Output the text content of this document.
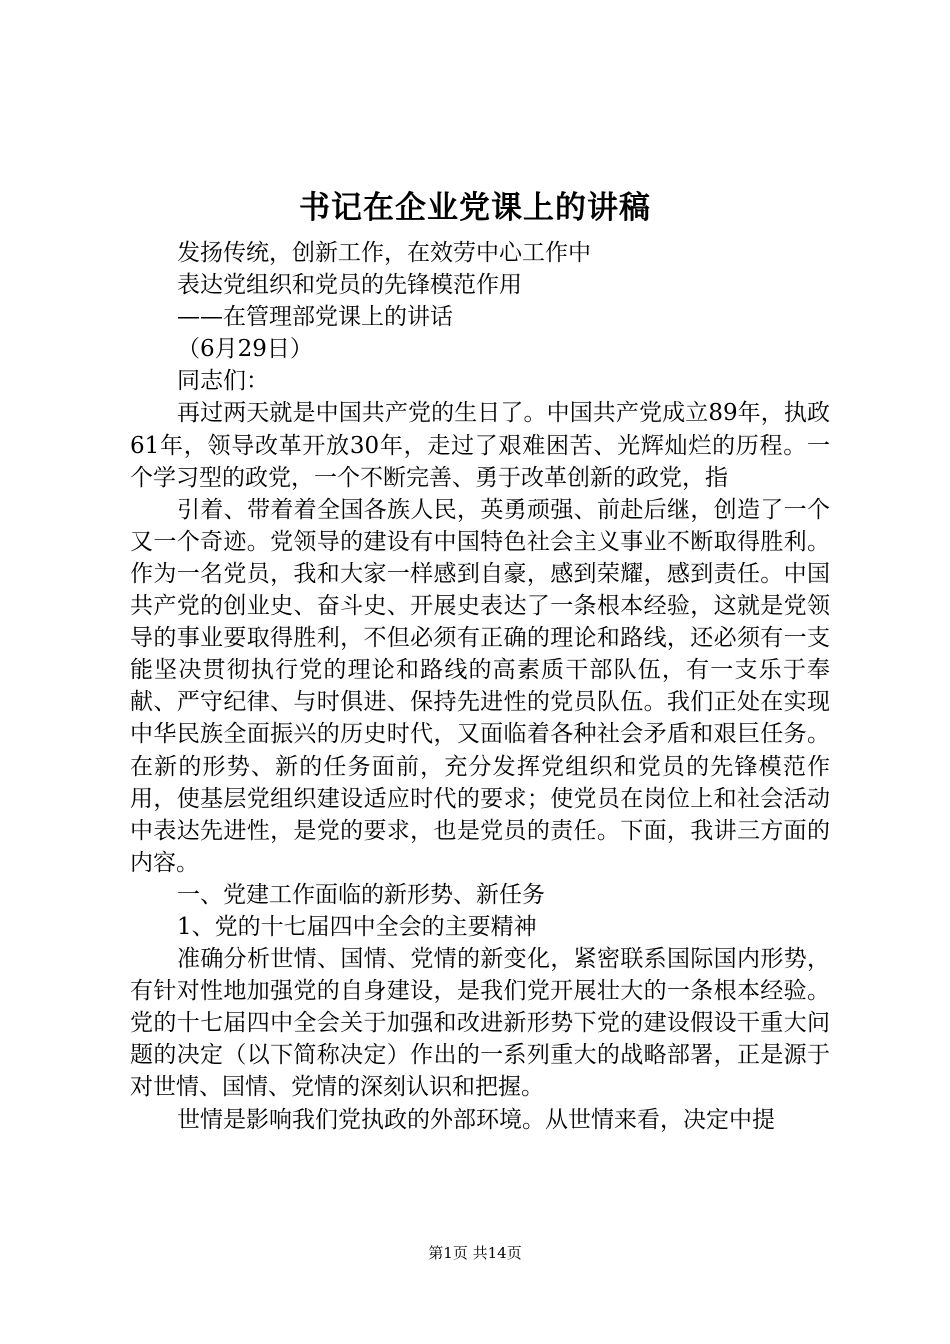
书记在企业党课上的讲稿

发扬传统，创新工作，在效劳中心工作中

表达党组织和党员的先锋模范作用

——在管理部党课上的讲话

（6月29日）

同志们：

再过两天就是中国共产党的生日了。中国共产党成立89年，执政61年，领导改革开放30年，走过了艰难困苦、光辉灿烂的历程。一个学习型的政党，一个不断完善、勇于改革创新的政党，指

引着、带着着全国各族人民，英勇顽强、前赴后继，创造了一个又一个奇迹。党领导的建设有中国特色社会主义事业不断取得胜利。作为一名党员，我和大家一样感到自豪，感到荣耀，感到责任。中国共产党的创业史、奋斗史、开展史表达了一条根本经验，这就是党领导的事业要取得胜利，不但必须有正确的理论和路线，还必须有一支能坚决贯彻执行党的理论和路线的高素质干部队伍，有一支乐于奉献、严守纪律、与时俱进、保持先进性的党员队伍。我们正处在实现中华民族全面振兴的历史时代，又面临着各种社会矛盾和艰巨任务。在新的形势、新的任务面前，充分发挥党组织和党员的先锋模范作用，使基层党组织建设适应时代的要求；使党员在岗位上和社会活动中表达先进性，是党的要求，也是党员的责任。下面，我讲三方面的内容。

一、党建工作面临的新形势、新任务

1、党的十七届四中全会的主要精神

准确分析世情、国情、党情的新变化，紧密联系国际国内形势，有针对性地加强党的自身建设，是我们党开展壮大的一条根本经验。党的十七届四中全会关于加强和改进新形势下党的建设假设干重大问题的决定（以下简称决定）作出的一系列重大的战略部署，正是源于对世情、国情、党情的深刻认识和把握。

世情是影响我们党执政的外部环境。从世情来看，决定中提

第1页 共14页
